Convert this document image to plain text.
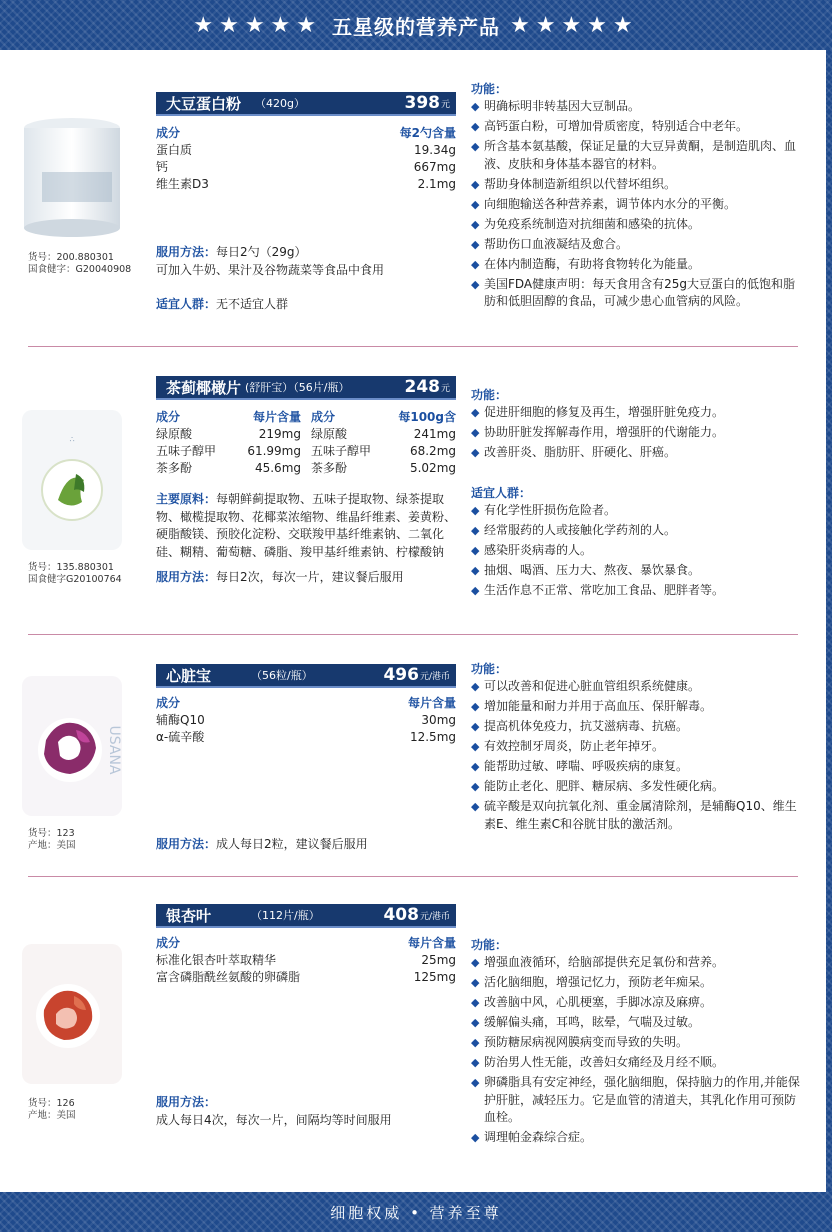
★★★★★ 五星级的营养产品 ★★★★★
货号：200.880301
国食健字：G20040908
大豆蛋白粉 （420g）	398 元
成分	每2勺含量
蛋白质	19.34g
钙	667mg
维生素D3	2.1mg
服用方法：每日2勺（29g）
可加入牛奶、果汁及谷物蔬菜等食品中食用
适宜人群：无不适宜人群
功能：
◆ 明确标明非转基因大豆制品。
◆ 高钙蛋白粉，可增加骨质密度，特别适合中老年。
◆ 所含基本氨基酸，保证足量的大豆异黄酮，是制造肌肉、血液、皮肤和身体基本器官的材料。
◆ 帮助身体制造新组织以代替坏组织。
◆ 向细胞输送各种营养素，调节体内水分的平衡。
◆ 为免疫系统制造对抗细菌和感染的抗体。
◆ 帮助伤口血液凝结及愈合。
◆ 在体内制造酶，有助将食物转化为能量。
◆ 美国FDA健康声明：每天食用含有25g大豆蛋白的低饱和脂肪和低胆固醇的食品，可减少患心血管病的风险。
∴
货号：135.880301
国食健字G20100764
茶蓟椰橄片 (舒肝宝）（56片/瓶）	248 元
成分	每片含量
绿原酸	219mg
五味子醇甲	61.99mg
茶多酚	45.6mg
成分	每100g含
绿原酸	241mg
五味子醇甲	68.2mg
茶多酚	5.02mg
主要原料：每朝鲜蓟提取物、五味子提取物、绿茶提取物、橄榄提取物、花椰菜浓缩物、维晶纤维素、姜黄粉、硬脂酸镁、预胶化淀粉、交联羧甲基纤维素钠、二氧化硅、糊精、葡萄糖、磷脂、羧甲基纤维素钠、柠檬酸钠
服用方法：每日2次，每次一片，建议餐后服用
功能：
◆ 促进肝细胞的修复及再生，增强肝脏免疫力。
◆ 协助肝脏发挥解毒作用，增强肝的代谢能力。
◆ 改善肝炎、脂肪肝、肝硬化、肝癌。
适宜人群：
◆ 有化学性肝损伤危险者。
◆ 经常服药的人或接触化学药剂的人。
◆ 感染肝炎病毒的人。
◆ 抽烟、喝酒、压力大、熬夜、暴饮暴食。
◆ 生活作息不正常、常吃加工食品、肥胖者等。
USANA
货号：123
产地：美国
心脏宝	（56粒/瓶）	496 元/港币
成分	每片含量
辅酶Q10	30mg
α-硫辛酸	12.5mg
服用方法：成人每日2粒，建议餐后服用
功能：
◆ 可以改善和促进心脏血管组织系统健康。
◆ 增加能量和耐力并用于高血压、保肝解毒。
◆ 提高机体免疫力，抗艾滋病毒、抗癌。
◆ 有效控制牙周炎，防止老年掉牙。
◆ 能帮助过敏、哮喘、呼吸疾病的康复。
◆ 能防止老化、肥胖、糖尿病、多发性硬化病。
◆ 硫辛酸是双向抗氧化剂、重金属清除剂，是辅酶Q10、维生素E、维生素C和谷胱甘肽的激活剂。
货号：126
产地：美国
银杏叶	（112片/瓶）	408 元/港币
成分	每片含量
标准化银杏叶萃取精华	25mg
富含磷脂酰丝氨酸的卵磷脂	125mg
服用方法：
成人每日4次，每次一片，间隔均等时间服用
功能：
◆ 增强血液循环，给脑部提供充足氧份和营养。
◆ 活化脑细胞，增强记忆力，预防老年痴呆。
◆ 改善脑中风，心肌梗塞，手脚冰凉及麻痹。
◆ 缓解偏头痛，耳鸣，眩晕，气喘及过敏。
◆ 预防糖尿病视网膜病变而导致的失明。
◆ 防治男人性无能，改善妇女痛经及月经不顺。
◆ 卵磷脂具有安定神经，强化脑细胞，保持脑力的作用,并能保护肝脏，减轻压力。它是血管的清道夫，其乳化作用可预防血栓。
◆ 调理帕金森综合症。
细胞权威 • 营养至尊
